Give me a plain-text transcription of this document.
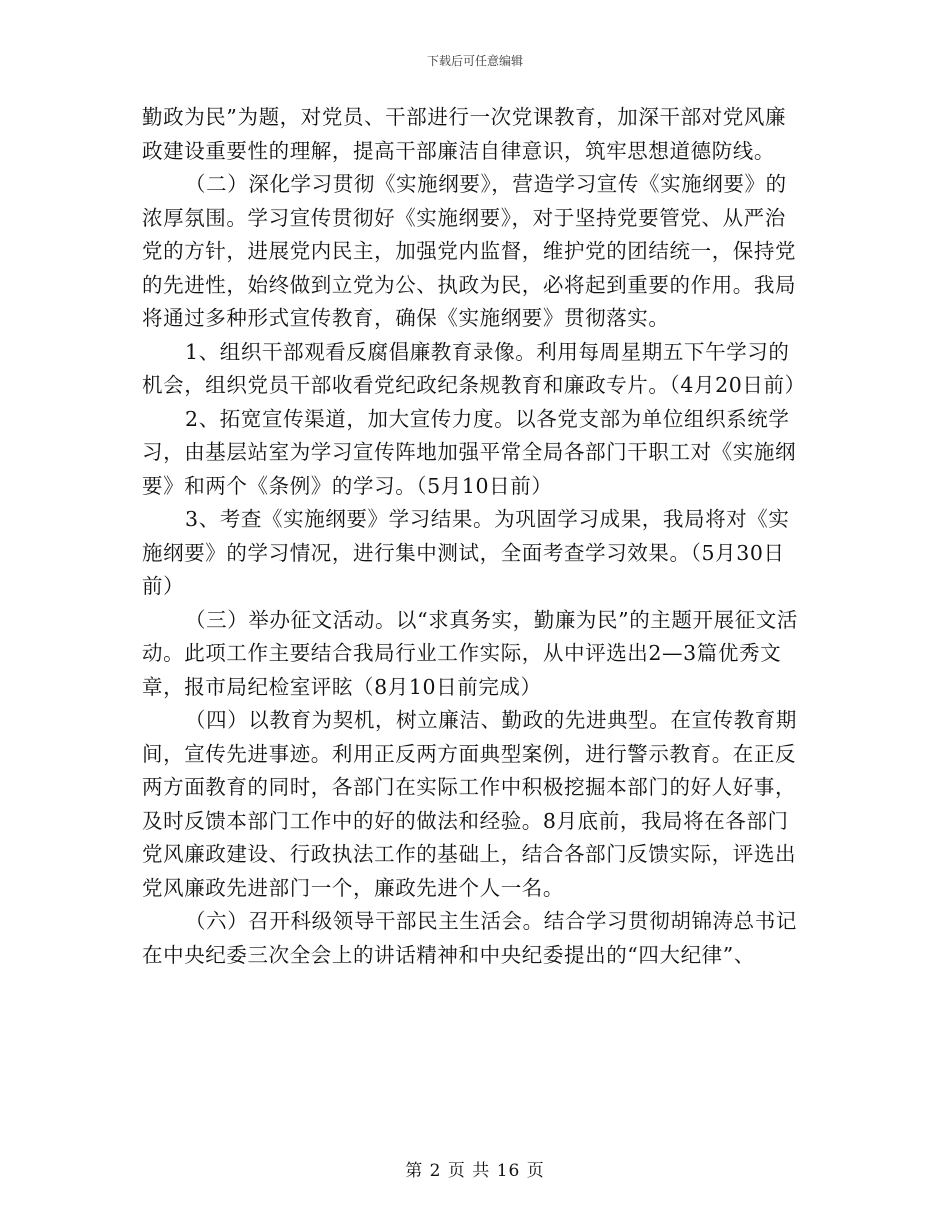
下载后可任意编辑

勤政为民”为题，对党员、干部进行一次党课教育，加深干部对党风廉政建设重要性的理解，提高干部廉洁自律意识，筑牢思想道德防线。

（二）深化学习贯彻《实施纲要》，营造学习宣传《实施纲要》的浓厚氛围。学习宣传贯彻好《实施纲要》，对于坚持党要管党、从严治党的方针，进展党内民主，加强党内监督，维护党的团结统一，保持党的先进性，始终做到立党为公、执政为民，必将起到重要的作用。我局将通过多种形式宣传教育，确保《实施纲要》贯彻落实。

1、组织干部观看反腐倡廉教育录像。利用每周星期五下午学习的机会，组织党员干部收看党纪政纪条规教育和廉政专片。（4月20日前）

2、拓宽宣传渠道，加大宣传力度。以各党支部为单位组织系统学习，由基层站室为学习宣传阵地加强平常全局各部门干职工对《实施纲要》和两个《条例》的学习。（5月10日前）

3、考查《实施纲要》学习结果。为巩固学习成果，我局将对《实施纲要》的学习情况，进行集中测试，全面考查学习效果。（5月30日前）

（三）举办征文活动。以“求真务实，勤廉为民”的主题开展征文活动。此项工作主要结合我局行业工作实际，从中评选出2—3篇优秀文章，报市局纪检室评眩（8月10日前完成）

（四）以教育为契机，树立廉洁、勤政的先进典型。在宣传教育期间，宣传先进事迹。利用正反两方面典型案例，进行警示教育。在正反两方面教育的同时，各部门在实际工作中积极挖掘本部门的好人好事，及时反馈本部门工作中的好的做法和经验。8月底前，我局将在各部门党风廉政建设、行政执法工作的基础上，结合各部门反馈实际，评选出党风廉政先进部门一个，廉政先进个人一名。

（六）召开科级领导干部民主生活会。结合学习贯彻胡锦涛总书记在中央纪委三次全会上的讲话精神和中央纪委提出的“四大纪律”、

第 2 页 共 16 页
